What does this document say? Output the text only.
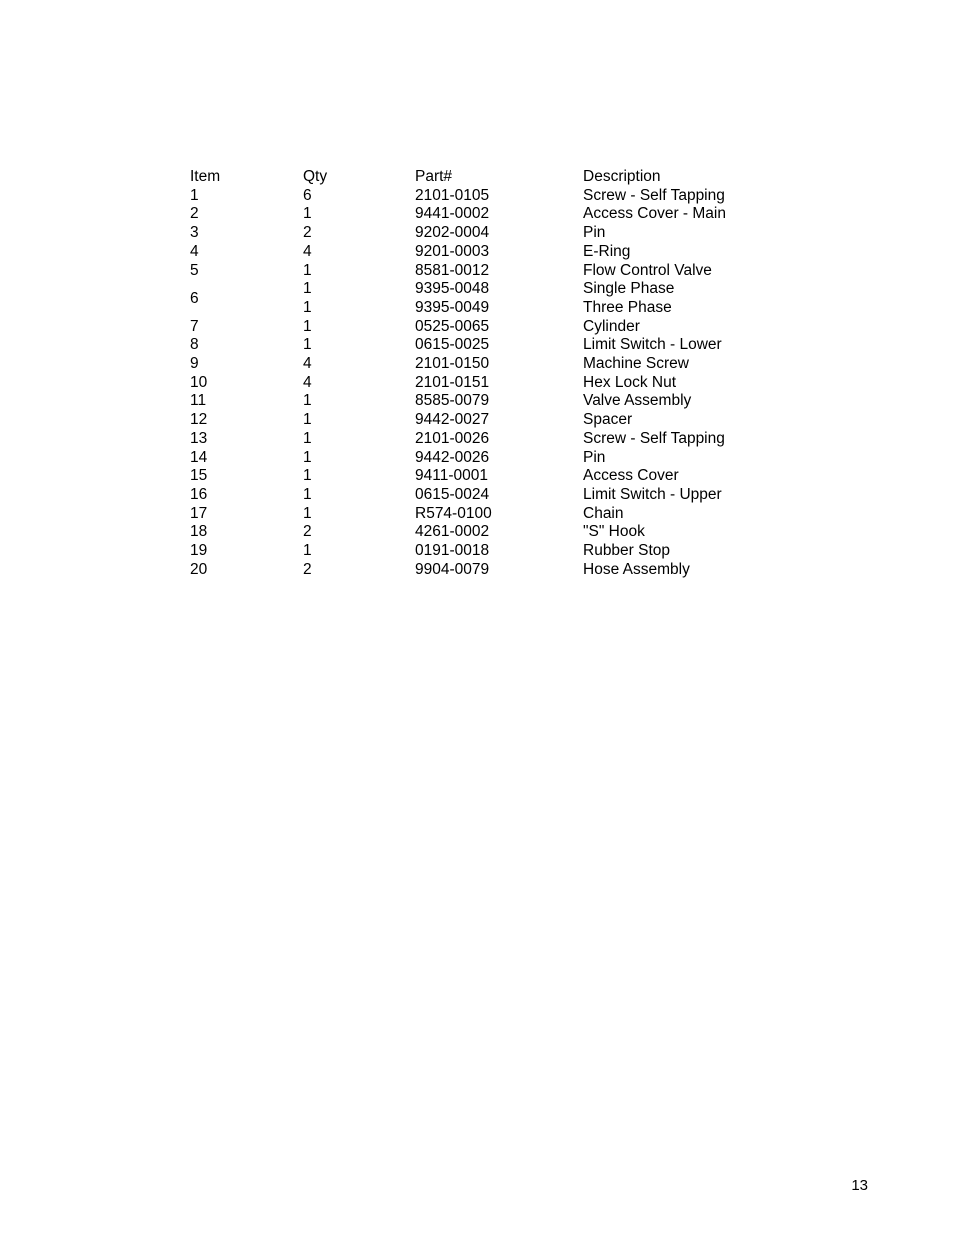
Item	Qty	Part#	Description
1	6	2101-0105	Screw - Self Tapping
2	1	9441-0002	Access Cover - Main
3	2	9202-0004	Pin
4	4	9201-0003	E-Ring
5	1	8581-0012	Flow Control Valve
6	1	9395-0048	Single Phase
	1	9395-0049	Three Phase
7	1	0525-0065	Cylinder
8	1	0615-0025	Limit Switch - Lower
9	4	2101-0150	Machine Screw
10	4	2101-0151	Hex Lock Nut
11	1	8585-0079	Valve Assembly
12	1	9442-0027	Spacer
13	1	2101-0026	Screw - Self Tapping
14	1	9442-0026	Pin
15	1	9411-0001	Access Cover
16	1	0615-0024	Limit Switch - Upper
17	1	R574-0100	Chain
18	2	4261-0002	"S" Hook
19	1	0191-0018	Rubber Stop
20	2	9904-0079	Hose Assembly
13
